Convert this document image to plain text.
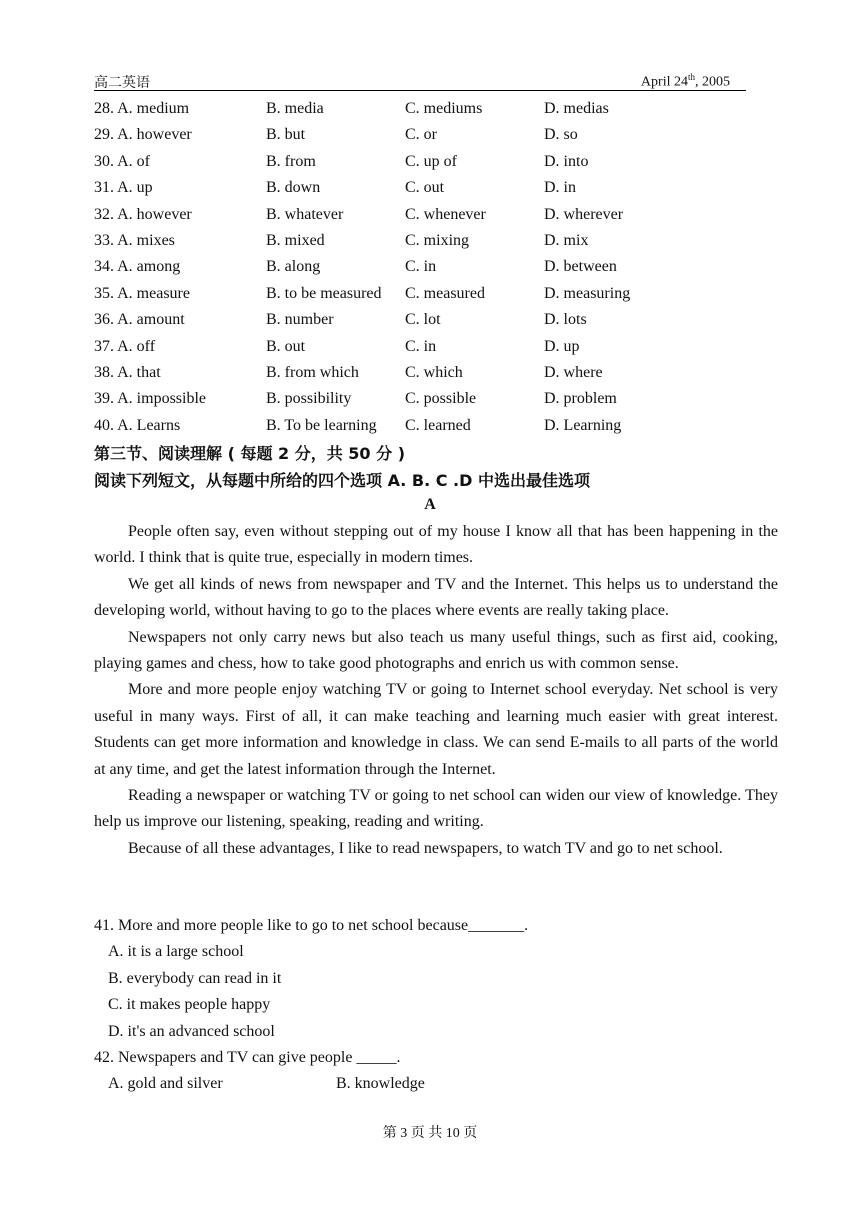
高二英语	April 24th, 2005
28. A. medium	B. media	C. mediums	D. medias
29. A. however	B. but	C. or	D. so
30. A. of	B. from	C. up of	D. into
31. A. up	B. down	C. out	D. in
32. A. however	B. whatever	C. whenever	D. wherever
33. A. mixes	B. mixed	C. mixing	D. mix
34. A. among	B. along	C. in	D. between
35. A. measure	B. to be measured C. measured	D. measuring
36. A. amount	B. number	C. lot	D. lots
37. A. off	B. out	C. in	D. up
38. A. that	B. from which	C. which	D. where
39. A. impossible	B. possibility	C. possible	D. problem
40. A. Learns	B. To be learning C. learned	D. Learning
第三节、阅读理解 ( 每题 2 分，共 50 分 )
阅读下列短文，从每题中所给的四个选项 A. B. C .D 中选出最佳选项
A

People often say, even without stepping out of my house I know all that has been happening in the world. I think that is quite true, especially in modern times.

We get all kinds of news from newspaper and TV and the Internet. This helps us to understand the developing world, without having to go to the places where events are really taking place.

Newspapers not only carry news but also teach us many useful things, such as first aid, cooking, playing games and chess, how to take good photographs and enrich us with common sense.

More and more people enjoy watching TV or going to Internet school everyday. Net school is very useful in many ways. First of all, it can make teaching and learning much easier with great interest. Students can get more information and knowledge in class. We can send E-mails to all parts of the world at any time, and get the latest information through the Internet.

Reading a newspaper or watching TV or going to net school can widen our view of knowledge. They help us improve our listening, speaking, reading and writing.

Because of all these advantages, I like to read newspapers, to watch TV and go to net school.

41. More and more people like to go to net school because_______.

A. it is a large school

B. everybody can read in it

C. it makes people happy

D. it's an advanced school

42. Newspapers and TV can give people _____.

A. gold and silver	B. knowledge
第 3 页 共 10 页
